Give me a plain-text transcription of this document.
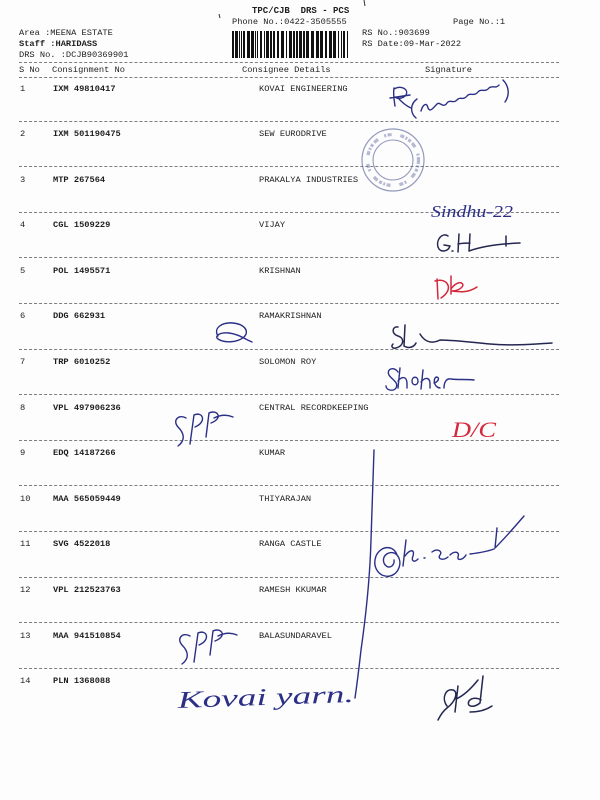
TPC/CJB  DRS - PCS
Phone No.:0422-3505555	Page No.:1
Area :MEENA ESTATE
Staff :HARIDASS
DRS No. :DCJB90369901
RS No.:903699
RS Date:09-Mar-2022
S No Consignment No	Consignee Details	Signature
1	IXM 49810417	KOVAI ENGINEERING
2	IXM 501190475	SEW EURODRIVE
3	MTP 267564	PRAKALYA INDUSTRIES
4	CGL 1509229	VIJAY
5	POL 1495571	KRISHNAN
6	DDG 662931	RAMAKRISHNAN
7	TRP 6010252	SOLOMON ROY
8	VPL 497906236	CENTRAL RECORDKEEPING
9	EDQ 14187266	KUMAR
10	MAA 565059449	THIYARAJAN
11	SVG 4522018	RANGA CASTLE
12	VPL 212523763	RAMESH KKUMAR
13	MAA 941510854	BALASUNDARAVEL
14	PLN 1368088
Sindhu-22
D/C
Kovai yarn.
